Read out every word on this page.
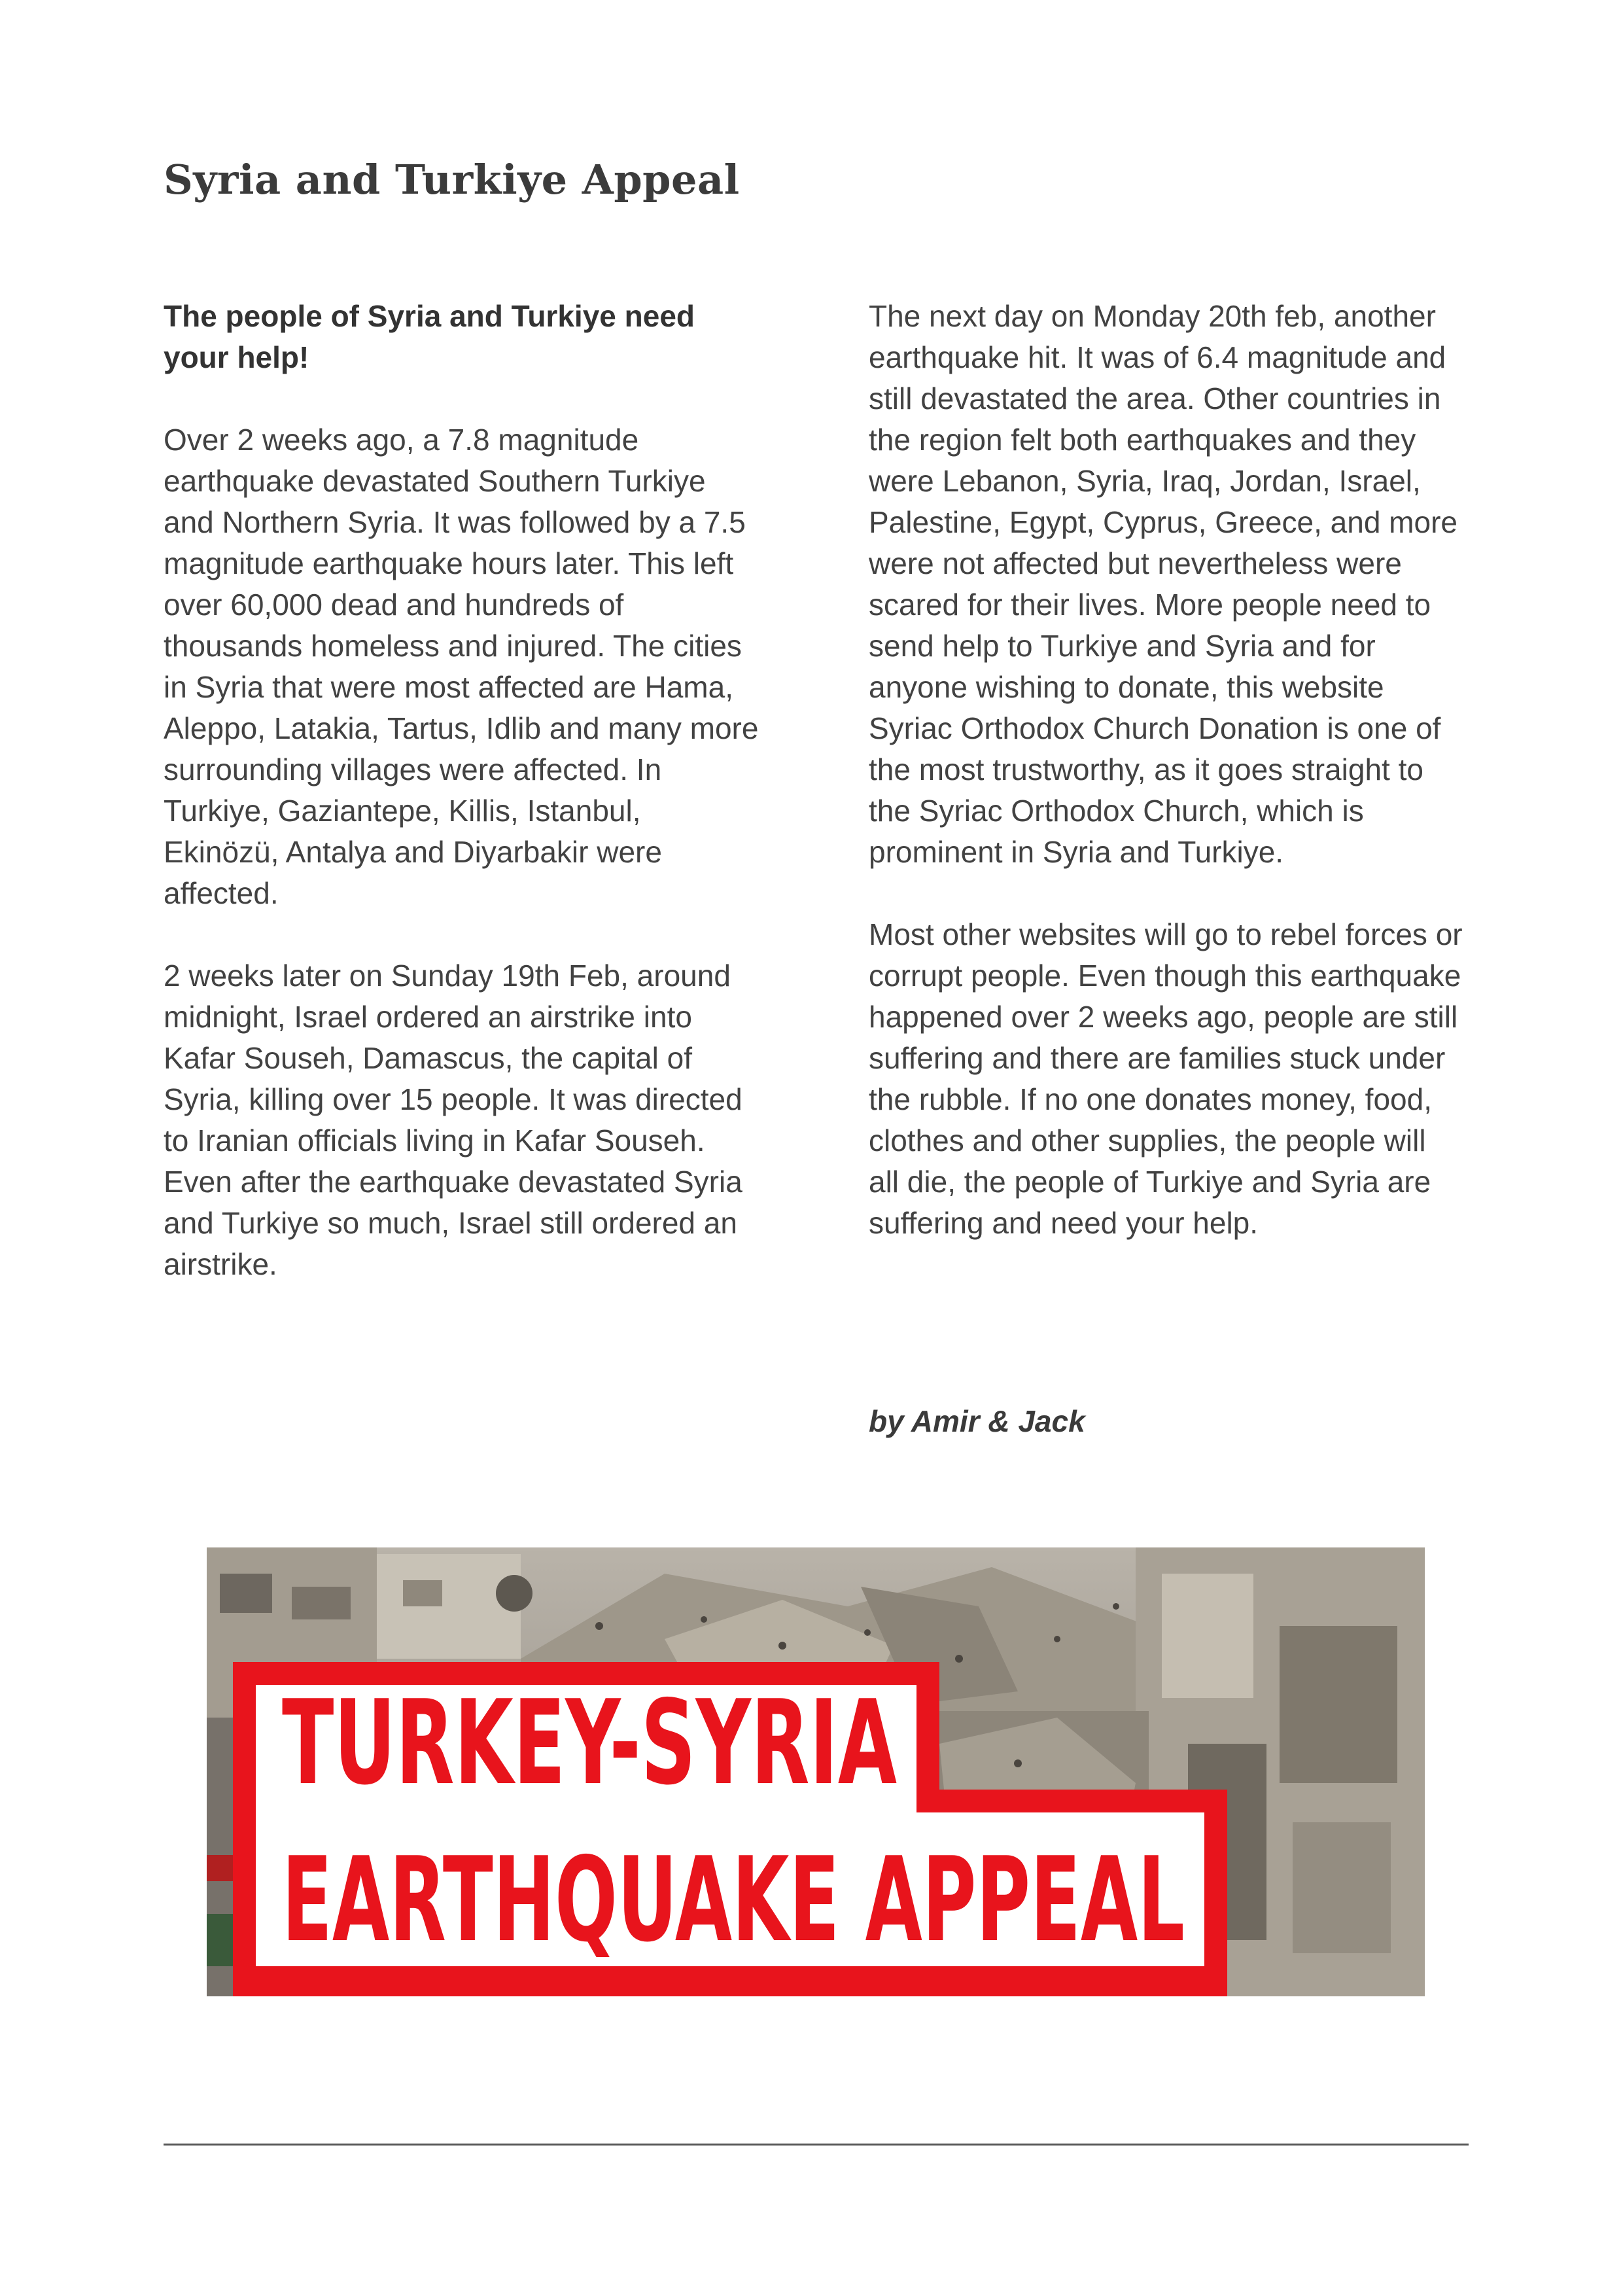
Syria and Turkiye Appeal

The people of Syria and Turkiye need your help!

Over 2 weeks ago, a 7.8 magnitude earthquake devastated Southern Turkiye and Northern Syria. It was followed by a 7.5 magnitude earthquake hours later. This left over 60,000 dead and hundreds of thousands homeless and injured. The cities in Syria that were most affected are Hama, Aleppo, Latakia, Tartus, Idlib and many more surrounding villages were affected. In Turkiye, Gaziantepe, Killis, Istanbul, Ekinözü, Antalya and Diyarbakir were affected.

2 weeks later on Sunday 19th Feb, around midnight, Israel ordered an airstrike into Kafar Souseh, Damascus, the capital of Syria, killing over 15 people. It was directed to Iranian officials living in Kafar Souseh. Even after the earthquake devastated Syria and Turkiye so much, Israel still ordered an airstrike.

The next day on Monday 20th feb, another earthquake hit. It was of 6.4 magnitude and still devastated the area. Other countries in the region felt both earthquakes and they were Lebanon, Syria, Iraq, Jordan, Israel, Palestine, Egypt, Cyprus, Greece, and more were not affected but nevertheless were scared for their lives. More people need to send help to Turkiye and Syria and for anyone wishing to donate, this website Syriac Orthodox Church Donation is one of the most trustworthy, as it goes straight to the Syriac Orthodox Church, which is prominent in Syria and Turkiye.

Most other websites will go to rebel forces or corrupt people. Even though this earthquake happened over 2 weeks ago, people are still suffering and there are families stuck under the rubble. If no one donates money, food, clothes and other supplies, the people will all die, the people of Turkiye and Syria are suffering and need your help.

by Amir & Jack
TURKEY-SYRIA
EARTHQUAKE APPEAL
